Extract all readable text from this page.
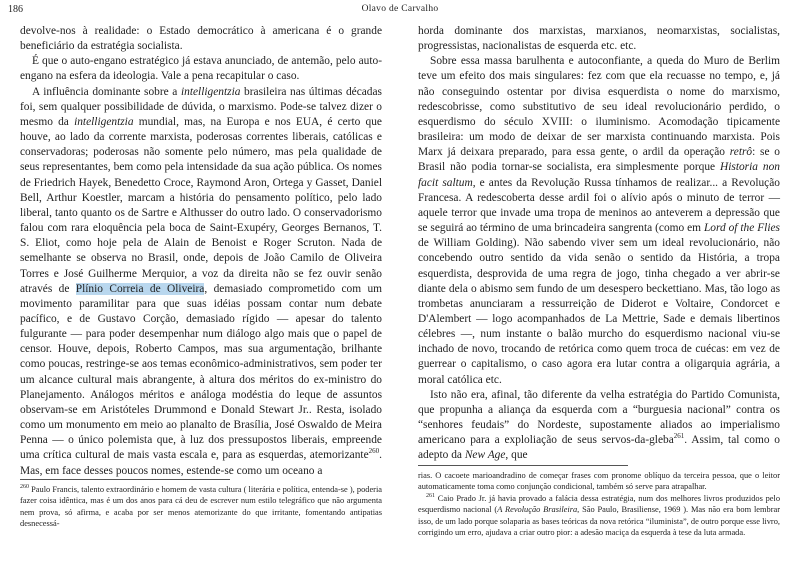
186	Olavo de Carvalho

devolve-nos à realidade: o Estado democrático à americana é o grande beneficiário da estratégia socialista.

É que o auto-engano estratégico já estava anunciado, de antemão, pelo auto-engano na esfera da ideologia. Vale a pena recapitular o caso.

A influência dominante sobre a intelligentzia brasileira nas últimas décadas foi, sem qualquer possibilidade de dúvida, o marxismo. Pode-se talvez dizer o mesmo da intelligentzia mundial, mas, na Europa e nos EUA, é certo que houve, ao lado da corrente marxista, poderosas correntes liberais, católicas e conservadoras; poderosas não somente pelo número, mas pela qualidade de seus representantes, bem como pela intensidade da sua ação pública. Os nomes de Friedrich Hayek, Benedetto Croce, Raymond Aron, Ortega y Gasset, Daniel Bell, Arthur Koestler, marcam a história do pensamento político, pelo lado liberal, tanto quanto os de Sartre e Althusser do outro lado. O conservadorismo falou com rara eloquência pela boca de Saint-Exupéry, Georges Bernanos, T. S. Eliot, como hoje pela de Alain de Benoist e Roger Scruton. Nada de semelhante se observa no Brasil, onde, depois de João Camilo de Oliveira Torres e José Guilherme Merquior, a voz da direita não se fez ouvir senão através de Plínio Correia de Oliveira, demasiado comprometido com um movimento paramilitar para que suas idéias possam contar num debate pacífico, e de Gustavo Corção, demasiado rígido — apesar do talento fulgurante — para poder desempenhar num diálogo algo mais que o papel de censor. Houve, depois, Roberto Campos, mas sua argumentação, brilhante como poucas, restringe-se aos temas econômico-administrativos, sem poder ter um alcance cultural mais abrangente, à altura dos méritos do ex-ministro do Planejamento. Análogos méritos e análoga modéstia do leque de assuntos observam-se em Aristóteles Drummond e Donald Stewart Jr.. Resta, isolado como um monumento em meio ao planalto de Brasília, José Oswaldo de Meira Penna — o único polemista que, à luz dos pressupostos liberais, empreende uma crítica cultural de mais vasta escala e, para as esquerdas, atemorizante$^{260}$. Mas, em face desses poucos nomes, estende-se como um oceano a

horda dominante dos marxistas, marxianos, neomarxistas, socialistas, progressistas, nacionalistas de esquerda etc. etc.

Sobre essa massa barulhenta e autoconfiante, a queda do Muro de Berlim teve um efeito dos mais singulares: fez com que ela recuasse no tempo, e, já não conseguindo ostentar por divisa esquerdista o nome do marxismo, redescobrisse, como substitutivo de seu ideal revolucionário perdido, o esquerdismo do século XVIII: o iluminismo. Acomodação tipicamente brasileira: um modo de deixar de ser marxista continuando marxista. Pois Marx já deixara preparado, para essa gente, o ardil da operação retrô: se o Brasil não podia tornar-se socialista, era simplesmente porque Historia non facit saltum, e antes da Revolução Russa tínhamos de realizar... a Revolução Francesa. A redescoberta desse ardil foi o alívio após o minuto de terror — aquele terror que invade uma tropa de meninos ao anteverem a depressão que se seguirá ao término de uma brincadeira sangrenta (como em Lord of the Flies de William Golding). Não sabendo viver sem um ideal revolucionário, não concebendo outro sentido da vida senão o sentido da História, a tropa esquerdista, desprovida de uma regra de jogo, tinha chegado a ver abrir-se diante dela o abismo sem fundo de um desespero beckettiano. Mas, tão logo as trombetas anunciaram a ressurreição de Diderot e Voltaire, Condorcet e D'Alembert — logo acompanhados de La Mettrie, Sade e demais libertinos célebres —, num instante o balão murcho do esquerdismo nacional viu-se inchado de novo, trocando de retórica como quem troca de cuécas: em vez de guerrear o capitalismo, o caso agora era lutar contra a oligarquia agrária, a moral católica etc.

Isto não era, afinal, tão diferente da velha estratégia do Partido Comunista, que propunha a aliança da esquerda com a “burguesia nacional” contra os “senhores feudais” do Nordeste, supostamente aliados ao imperialismo americano para a exploliação de seus servos-da-gleba$^{261}$. Assim, tal como o adepto da New Age, que

$^{260}$ Paulo Francis, talento extraordinário e homem de vasta cultura ( literária e política, entenda-se ), poderia fazer coisa idêntica, mas é um dos anos para cá deu de escrever num estilo telegráfico que não argumenta nem prova, só afirma, e acaba por ser menos atemorizante do que irritante, fomentando antipatias desnecessá-

rias. O cacoete marioandradino de começar frases com pronome oblíquo da terceira pessoa, que o leitor automaticamente toma como conjunção condicional, também só serve para atrapalhar.

$^{261}$ Caio Prado Jr. já havia provado a falácia dessa estratégia, num dos melhores livros produzidos pelo esquerdismo nacional (A Revolução Brasileira, São Paulo, Brasiliense, 1969 ). Mas não era bom lembrar isso, de um lado porque solaparia as bases teóricas da nova retórica “iluminista”, de outro porque esse livro, corrigindo um erro, ajudava a criar outro pior: a adesão maciça da esquerda à tese da luta armada.
